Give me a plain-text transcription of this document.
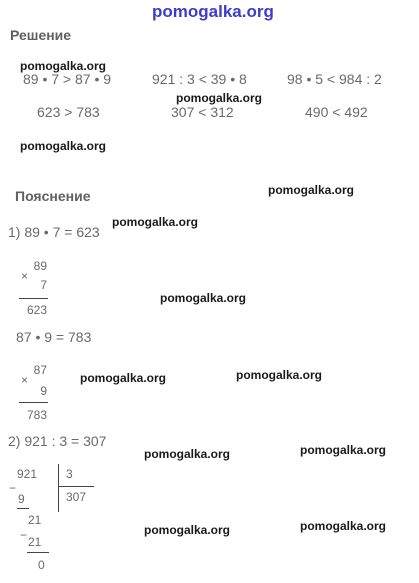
pomogalka.org
Решение
89 • 7 > 87 • 9	921 : 3 < 39 • 8	98 • 5 < 984 : 2
623 > 783	307 < 312	490 < 492
Пояснение
1) 89 • 7 = 623
×
89
7
623
87 • 9 = 783
×
87
9
783
2) 921 : 3 = 307
−
921	3
307
9
21
− 21
0
pomogalka.org
pomogalka.org
pomogalka.org
pomogalka.org
pomogalka.org
pomogalka.org
pomogalka.org
pomogalka.org
pomogalka.org
pomogalka.org
pomogalka.org
pomogalka.org
